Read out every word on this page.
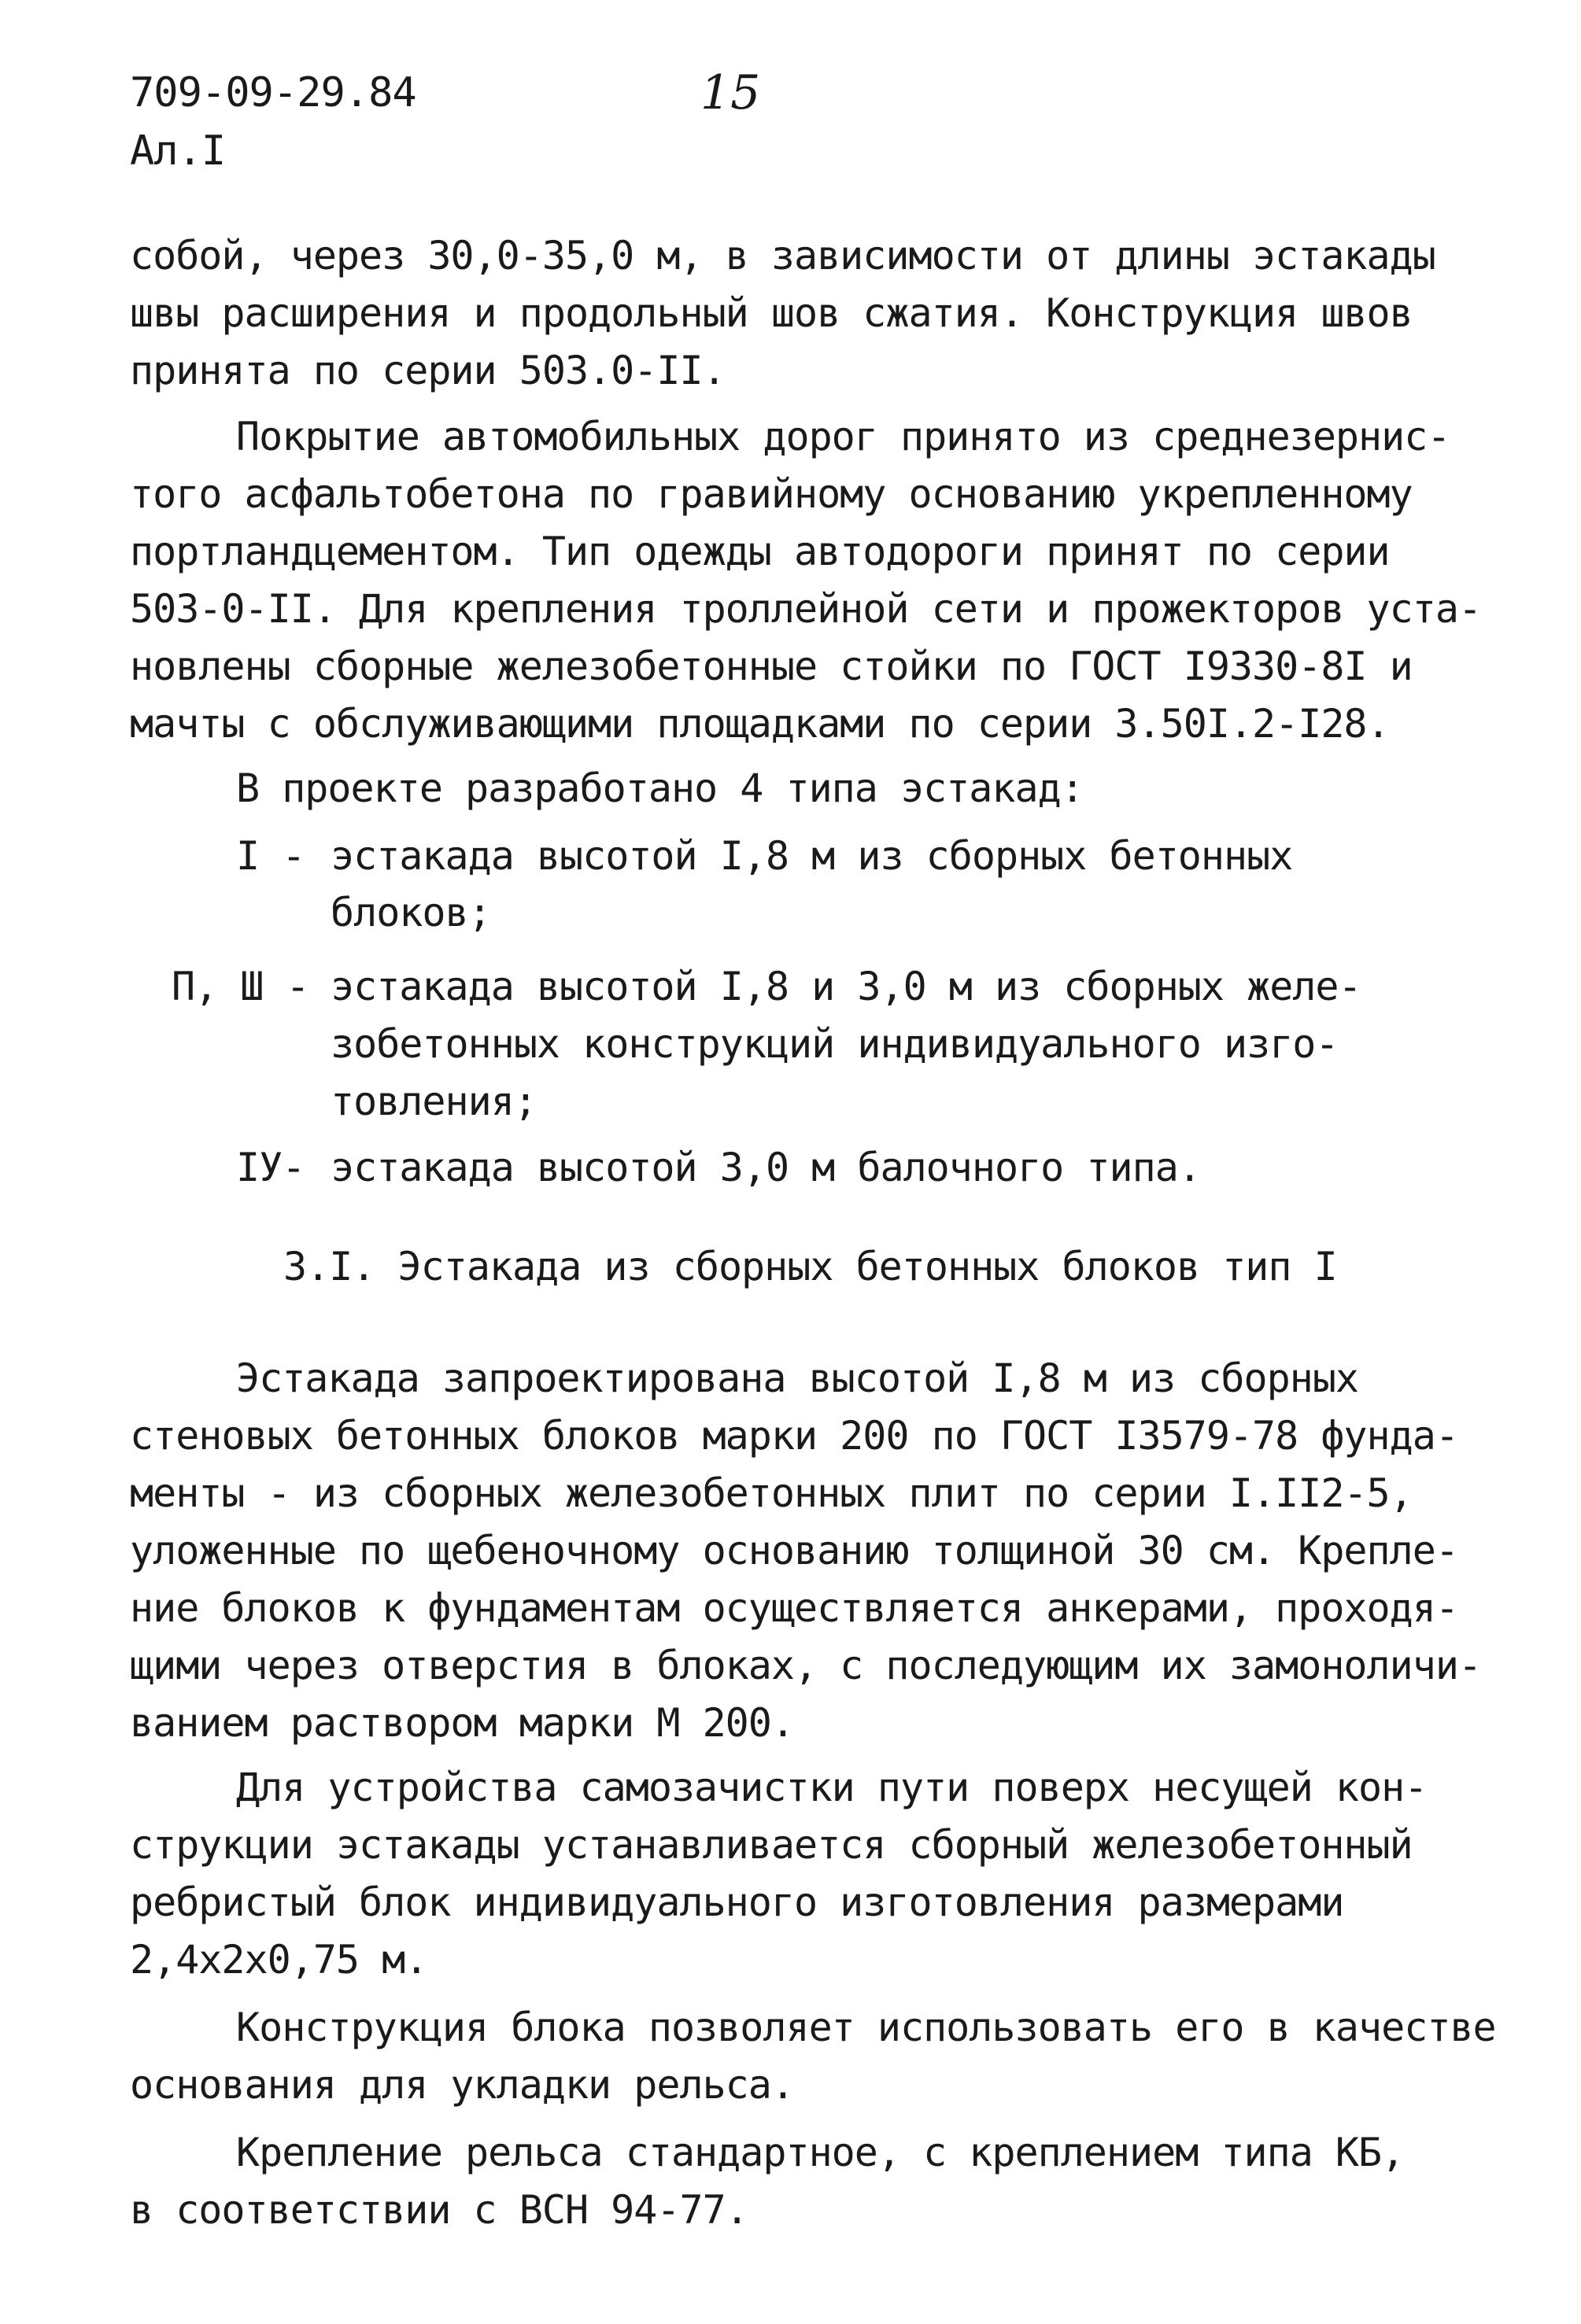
709-09-29.84
Ал.I
15
собой, через 30,0-35,0 м, в зависимости от длины эстакады
швы расширения и продольный шов сжатия. Конструкция швов
принята по серии 503.0-II.
Покрытие автомобильных дорог принято из среднезернис-
того асфальтобетона по гравийному основанию укрепленному
портландцементом. Тип одежды автодороги принят по серии
503-0-II. Для крепления троллейной сети и прожекторов уста-
новлены сборные железобетонные стойки по ГОСТ I9330-8I и
мачты с обслуживающими площадками по серии 3.50I.2-I28.
В проекте разработано 4 типа эстакад:
I - эстакада высотой I,8 м из сборных бетонных
блоков;
П, Ш - эстакада высотой I,8 и 3,0 м из сборных желе-
зобетонных конструкций индивидуального изго-
товления;
IУ- эстакада высотой 3,0 м балочного типа.
3.I. Эстакада из сборных бетонных блоков тип I
Эстакада запроектирована высотой I,8 м из сборных
стеновых бетонных блоков марки 200 по ГОСТ I3579-78 фунда-
менты - из сборных железобетонных плит по серии I.II2-5,
уложенные по щебеночному основанию толщиной 30 см. Крепле-
ние блоков к фундаментам осуществляется анкерами, проходя-
щими через отверстия в блоках, с последующим их замоноличи-
ванием раствором марки М 200.
Для устройства самозачистки пути поверх несущей кон-
струкции эстакады устанавливается сборный железобетонный
ребристый блок индивидуального изготовления размерами
2,4х2х0,75 м.
Конструкция блока позволяет использовать его в качестве
основания для укладки рельса.
Крепление рельса стандартное, с креплением типа КБ,
в соответствии с ВСН 94-77.
